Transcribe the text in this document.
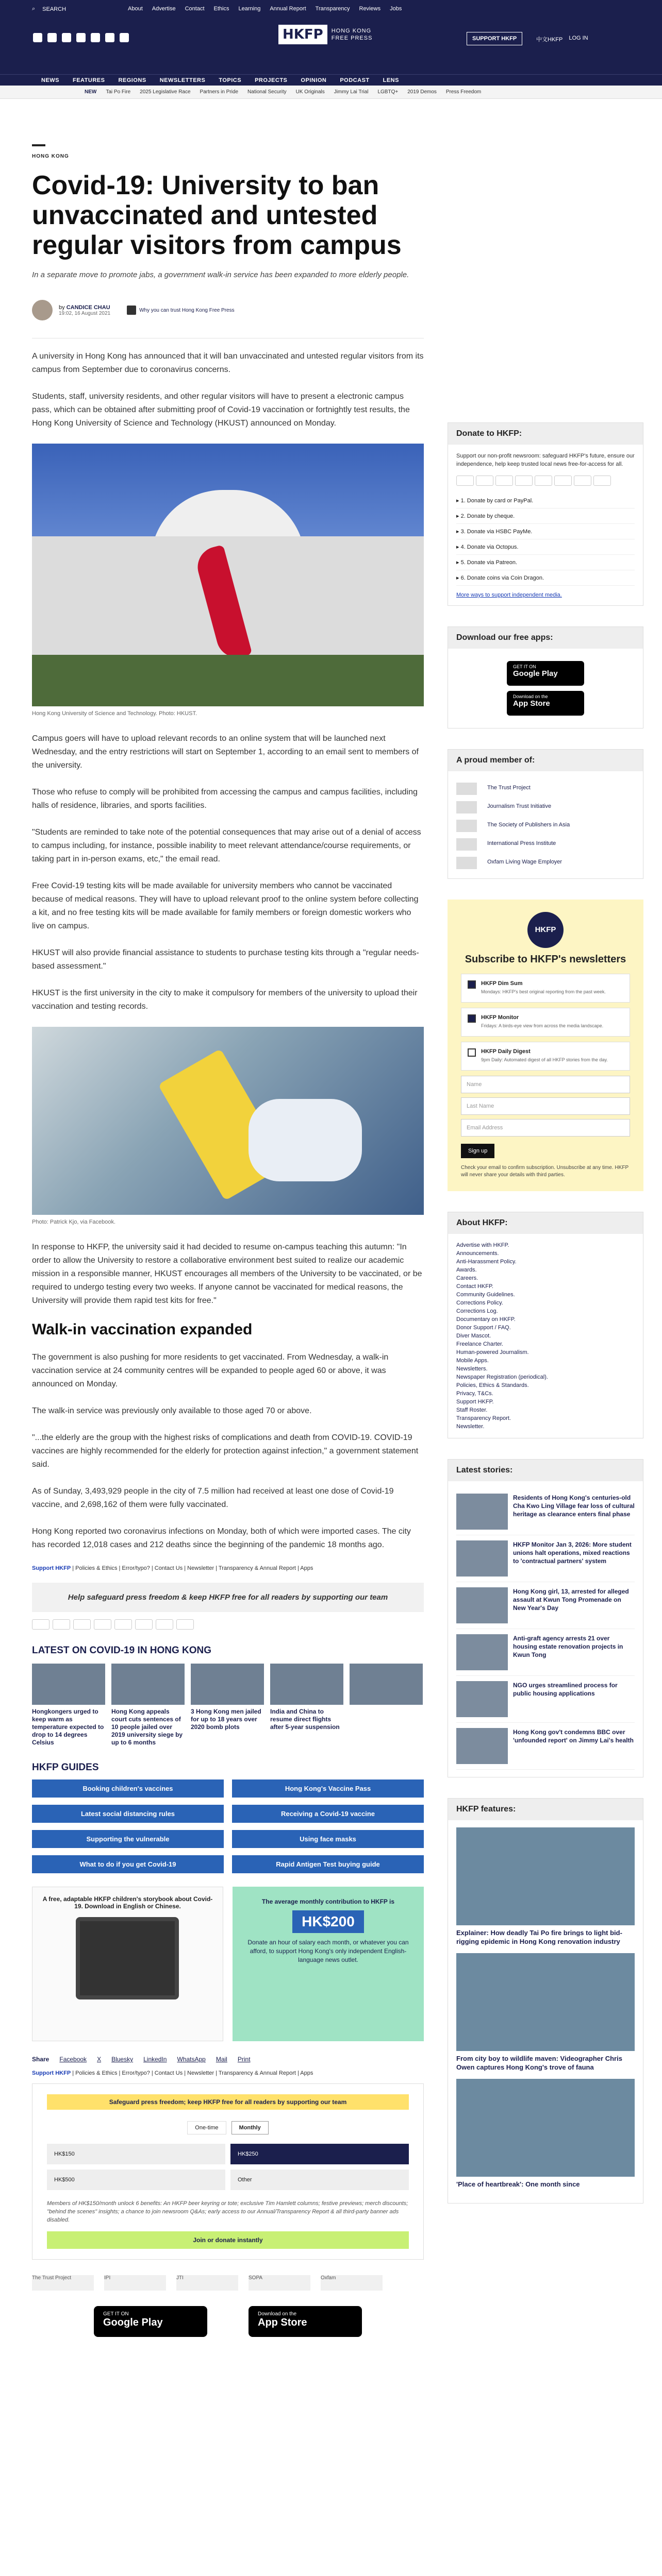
⌕ SEARCH	About Advertise Contact Ethics Learning Annual Report Transparency Reviews Jobs
HKFP	HONG KONG
FREE PRESS	SUPPORT HKFP	中文HKFP LOG IN
NEWS FEATURES REGIONS NEWSLETTERS TOPICS PROJECTS OPINION PODCAST LENS
NEW Tai Po Fire 2025 Legislative Race Partners in Pride National Security UK Originals Jimmy Lai Trial LGBTQ+ 2019 Demos Press Freedom
HONG KONG
Covid-19: University to ban unvaccinated and untested regular visitors from campus
In a separate move to promote jabs, a government walk-in service has been expanded to more elderly people.
by CANDICE CHAU
19:02, 16 August 2021
Why you can trust Hong Kong Free Press

A university in Hong Kong has announced that it will ban unvaccinated and untested regular visitors from its campus from September due to coronavirus concerns.

Students, staff, university residents, and other regular visitors will have to present a electronic campus pass, which can be obtained after submitting proof of Covid-19 vaccination or fortnightly test results, the Hong Kong University of Science and Technology (HKUST) announced on Monday.

Hong Kong University of Science and Technology. Photo: HKUST.

Campus goers will have to upload relevant records to an online system that will be launched next Wednesday, and the entry restrictions will start on September 1, according to an email sent to members of the university.

Those who refuse to comply will be prohibited from accessing the campus and campus facilities, including halls of residence, libraries, and sports facilities.

"Students are reminded to take note of the potential consequences that may arise out of a denial of access to campus including, for instance, possible inability to meet relevant attendance/course requirements, or taking part in in-person exams, etc," the email read.

Free Covid-19 testing kits will be made available for university members who cannot be vaccinated because of medical reasons. They will have to upload relevant proof to the online system before collecting a kit, and no free testing kits will be made available for family members or foreign domestic workers who live on campus.

HKUST will also provide financial assistance to students to purchase testing kits through a "regular needs-based assessment."

HKUST is the first university in the city to make it compulsory for members of the university to upload their vaccination and testing records.

Photo: Patrick Kjo, via Facebook.

In response to HKFP, the university said it had decided to resume on-campus teaching this autumn: "In order to allow the University to restore a collaborative environment best suited to realize our academic mission in a responsible manner, HKUST encourages all members of the University to be vaccinated, or be required to undergo testing every two weeks. If anyone cannot be vaccinated for medical reasons, the University will provide them rapid test kits for free."

Walk-in vaccination expanded

The government is also pushing for more residents to get vaccinated. From Wednesday, a walk-in vaccination service at 24 community centres will be expanded to people aged 60 or above, it was announced on Monday.

The walk-in service was previously only available to those aged 70 or above.

"...the elderly are the group with the highest risks of complications and death from COVID-19. COVID-19 vaccines are highly recommended for the elderly for protection against infection," a government statement said.

As of Sunday, 3,493,929 people in the city of 7.5 million had received at least one dose of Covid-19 vaccine, and 2,698,162 of them were fully vaccinated.

Hong Kong reported two coronavirus infections on Monday, both of which were imported cases. The city has recorded 12,018 cases and 212 deaths since the beginning of the pandemic 18 months ago.

Support HKFP | Policies & Ethics | Error/typo? | Contact Us | Newsletter | Transparency & Annual Report | Apps
Help safeguard press freedom & keep HKFP free for all readers by supporting our team
LATEST ON COVID-19 IN HONG KONG
Hongkongers urged to keep warm as temperature expected to drop to 14 degrees Celsius
Hong Kong appeals court cuts sentences of 10 people jailed over 2019 university siege by up to 6 months
3 Hong Kong men jailed for up to 18 years over 2020 bomb plots
India and China to resume direct flights after 5-year suspension
HKFP GUIDES
Booking children's vaccines	Hong Kong's Vaccine Pass
Latest social distancing rules	Receiving a Covid-19 vaccine
Supporting the vulnerable	Using face masks
What to do if you get Covid-19	Rapid Antigen Test buying guide
A free, adaptable HKFP children's storybook about Covid-19. Download in English or Chinese.
The average monthly contribution to HKFP is
HK$200
Donate an hour of salary each month, or whatever you can afford, to support Hong Kong's only independent English-language news outlet.
Share Facebook X Bluesky LinkedIn WhatsApp Mail Print
Support HKFP | Policies & Ethics | Error/typo? | Contact Us | Newsletter | Transparency & Annual Report | Apps
Safeguard press freedom; keep HKFP free for all readers by supporting our team
One-time	Monthly
HK$150	HK$250
HK$500	Other
Members of HK$150/month unlock 6 benefits: An HKFP beer keyring or tote; exclusive Tim Hamlett columns; festive previews; merch discounts; "behind the scenes" insights; a chance to join newsroom Q&As; early access to our Annual/Transparency Report & all third-party banner ads disabled.
Join or donate instantly
The Trust Project	IPI	JTI	SOPA	Oxfam
GET IT ON
Google Play
Download on the
App Store
Donate to HKFP:

Support our non-profit newsroom: safeguard HKFP's future, ensure our independence, help keep trusted local news free-for-access for all.

▸ 1. Donate by card or PayPal.
▸ 2. Donate by cheque.
▸ 3. Donate via HSBC PayMe.
▸ 4. Donate via Octopus.
▸ 5. Donate via Patreon.
▸ 6. Donate coins via Coin Dragon.
More ways to support independent media.
Download our free apps:
GET IT ON
Google Play
Download on the
App Store
A proud member of:
The Trust Project
Journalism Trust Initiative
The Society of Publishers in Asia
International Press Institute
Oxfam Living Wage Employer
HKFP
Subscribe to HKFP's newsletters
HKFP Dim Sum
Mondays: HKFP's best original reporting from the past week.
HKFP Monitor
Fridays: A birds-eye view from across the media landscape.
HKFP Daily Digest
9pm Daily: Automated digest of all HKFP stories from the day.
Name
Last Name
Email Address
Sign up
Check your email to confirm subscription. Unsubscribe at any time. HKFP will never share your details with third parties.
About HKFP:
Advertise with HKFP.
Announcements.
Anti-Harassment Policy.
Awards.
Careers.
Contact HKFP.
Community Guidelines.
Corrections Policy.
Corrections Log.
Documentary on HKFP.
Donor Support / FAQ.
Diver Mascot.
Freelance Charter.
Human-powered Journalism.
Mobile Apps.
Newsletters.
Newspaper Registration (periodical).
Policies, Ethics & Standards.
Privacy, T&Cs.
Support HKFP.
Staff Roster.
Transparency Report.
Newsletter.
Latest stories:
Residents of Hong Kong's centuries-old Cha Kwo Ling Village fear loss of cultural heritage as clearance enters final phase
HKFP Monitor Jan 3, 2026: More student unions halt operations, mixed reactions to 'contractual partners' system
Hong Kong girl, 13, arrested for alleged assault at Kwun Tong Promenade on New Year's Day
Anti-graft agency arrests 21 over housing estate renovation projects in Kwun Tong
NGO urges streamlined process for public housing applications
Hong Kong gov't condemns BBC over 'unfounded report' on Jimmy Lai's health
HKFP features:
Explainer: How deadly Tai Po fire brings to light bid-rigging epidemic in Hong Kong renovation industry
From city boy to wildlife maven: Videographer Chris Owen captures Hong Kong's trove of fauna
'Place of heartbreak': One month since
